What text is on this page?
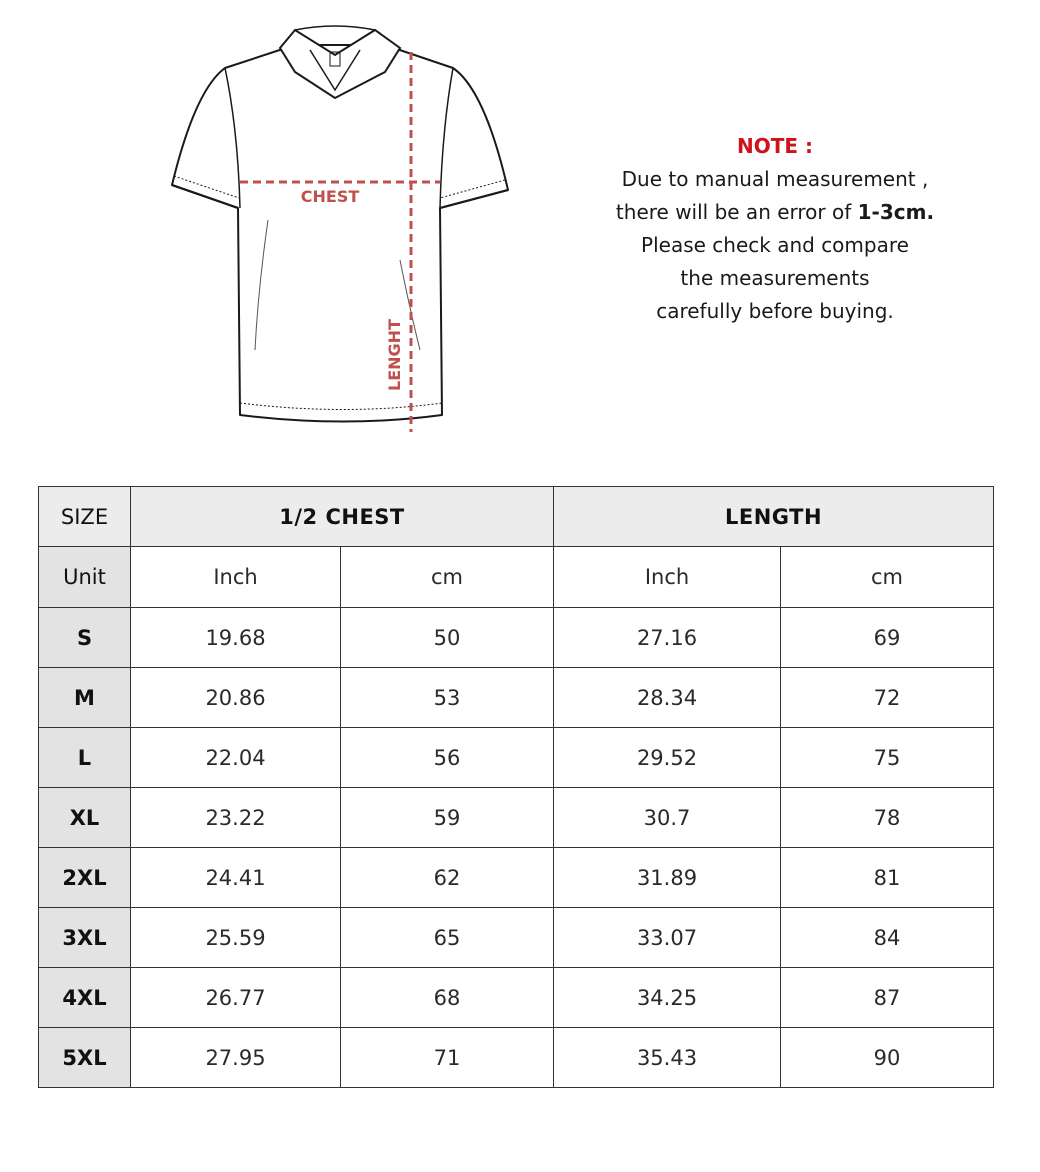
CHEST
LENGHT
NOTE :
Due to manual measurement ,
there will be an error of 1-3cm.
Please check and compare
the measurements
carefully before buying.
SIZE	1/2 CHEST		LENGTH	
Unit	Inch	cm	Inch	cm
S	19.68	50	27.16	69
M	20.86	53	28.34	72
L	22.04	56	29.52	75
XL	23.22	59	30.7	78
2XL	24.41	62	31.89	81
3XL	25.59	65	33.07	84
4XL	26.77	68	34.25	87
5XL	27.95	71	35.43	90
